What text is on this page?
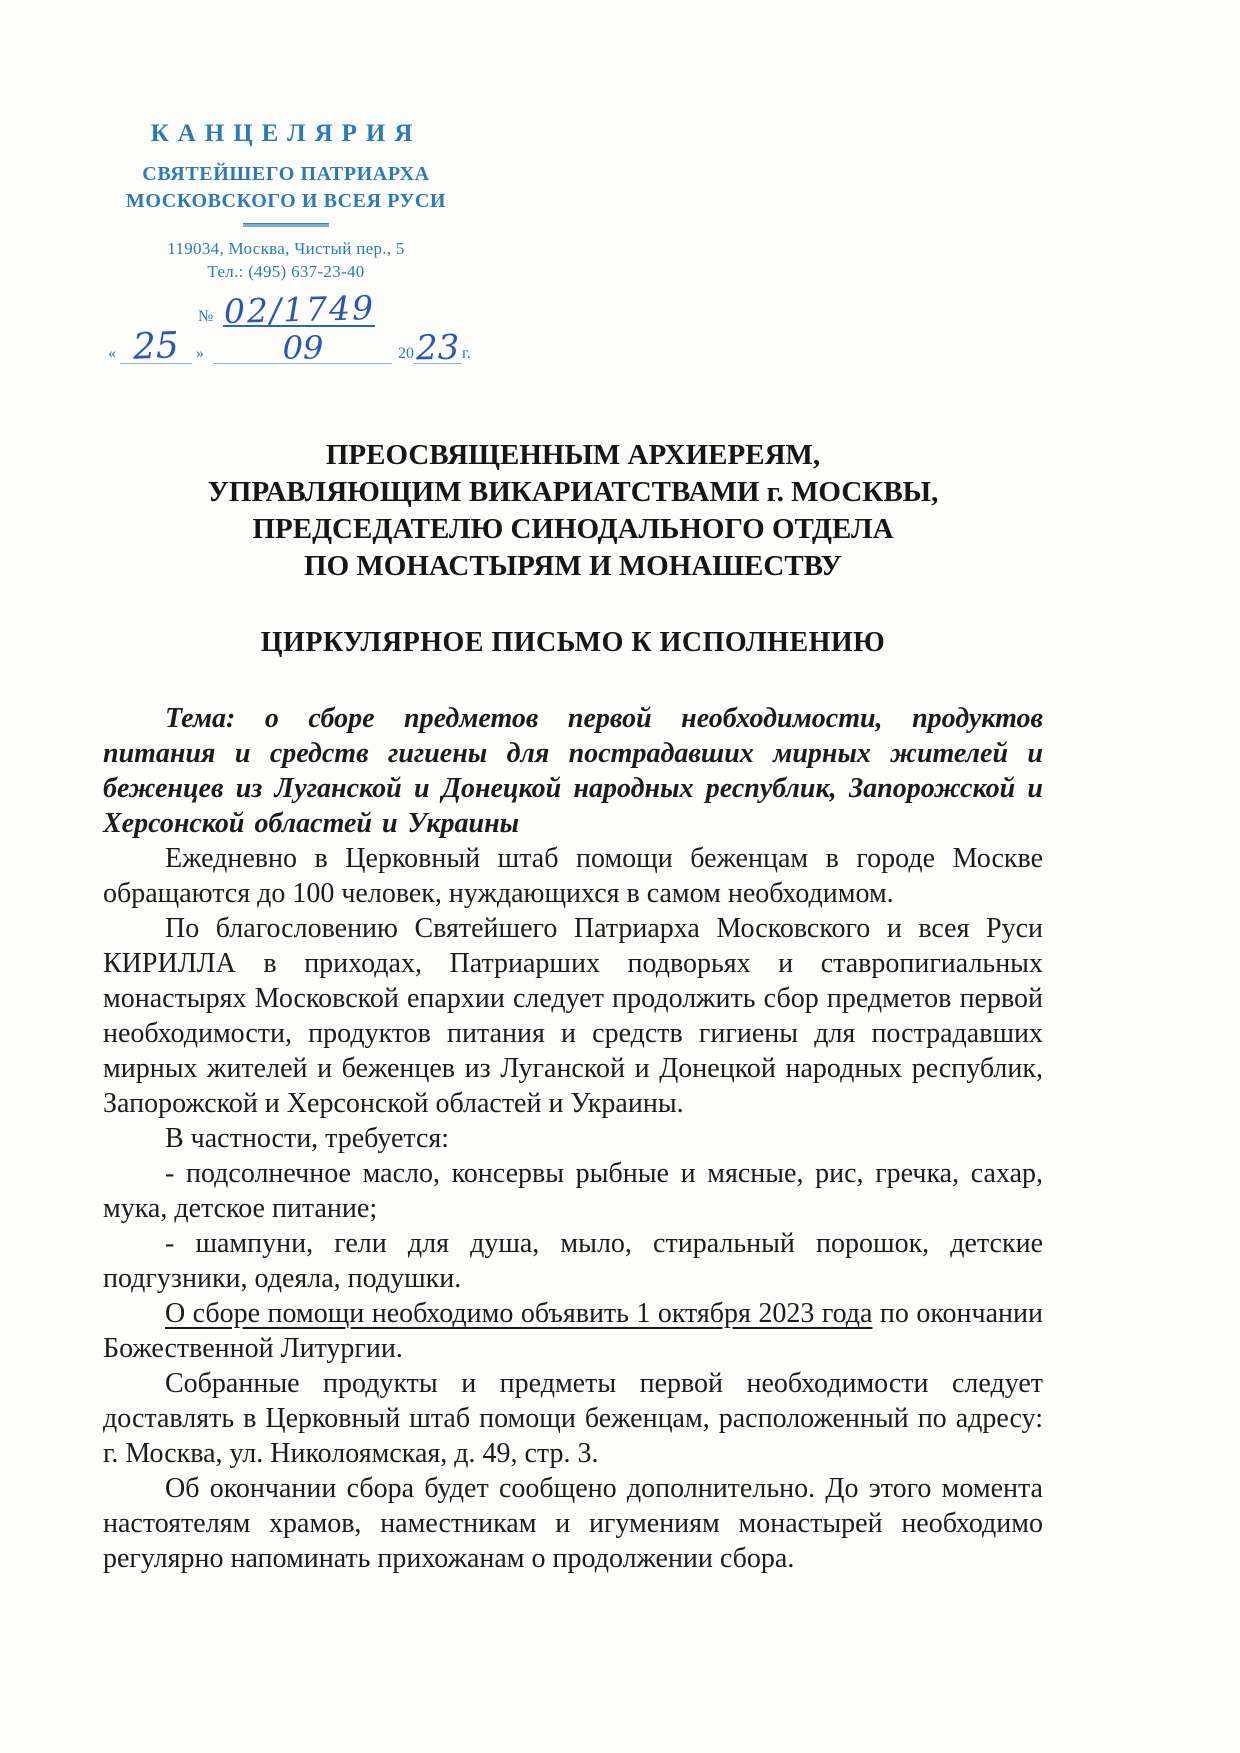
КАНЦЕЛЯРИЯ
СВЯТЕЙШЕГО ПАТРИАРХА
МОСКОВСКОГО И ВСЕЯ РУСИ
119034, Москва, Чистый пер., 5
Тел.: (495) 637-23-40
№ 02/1749
« 25 » 09	20 23 г.
ПРЕОСВЯЩЕННЫМ АРХИЕРЕЯМ,
УПРАВЛЯЮЩИМ ВИКАРИАТСТВАМИ г. МОСКВЫ,
ПРЕДСЕДАТЕЛЮ СИНОДАЛЬНОГО ОТДЕЛА
ПО МОНАСТЫРЯМ И МОНАШЕСТВУ
ЦИРКУЛЯРНОЕ ПИСЬМО К ИСПОЛНЕНИЮ

Тема: о сборе предметов первой необходимости, продуктов питания и средств гигиены для пострадавших мирных жителей и беженцев из Луганской и Донецкой народных республик, Запорожской и Херсонской областей и Украины

Ежедневно в Церковный штаб помощи беженцам в городе Москве обращаются до 100 человек, нуждающихся в самом необходимом.

По благословению Святейшего Патриарха Московского и всея Руси КИРИЛЛА в приходах, Патриарших подворьях и ставропигиальных монастырях Московской епархии следует продолжить сбор предметов первой необходимости, продуктов питания и средств гигиены для пострадавших мирных жителей и беженцев из Луганской и Донецкой народных республик, Запорожской и Херсонской областей и Украины.

В частности, требуется:

- подсолнечное масло, консервы рыбные и мясные, рис, гречка, сахар, мука, детское питание;

- шампуни, гели для душа, мыло, стиральный порошок, детские подгузники, одеяла, подушки.

О сборе помощи необходимо объявить 1 октября 2023 года по окончании Божественной Литургии.

Собранные продукты и предметы первой необходимости следует доставлять в Церковный штаб помощи беженцам, расположенный по адресу: г. Москва, ул. Николоямская, д. 49, стр. 3.

Об окончании сбора будет сообщено дополнительно. До этого момента настоятелям храмов, наместникам и игумениям монастырей необходимо регулярно напоминать прихожанам о продолжении сбора.
